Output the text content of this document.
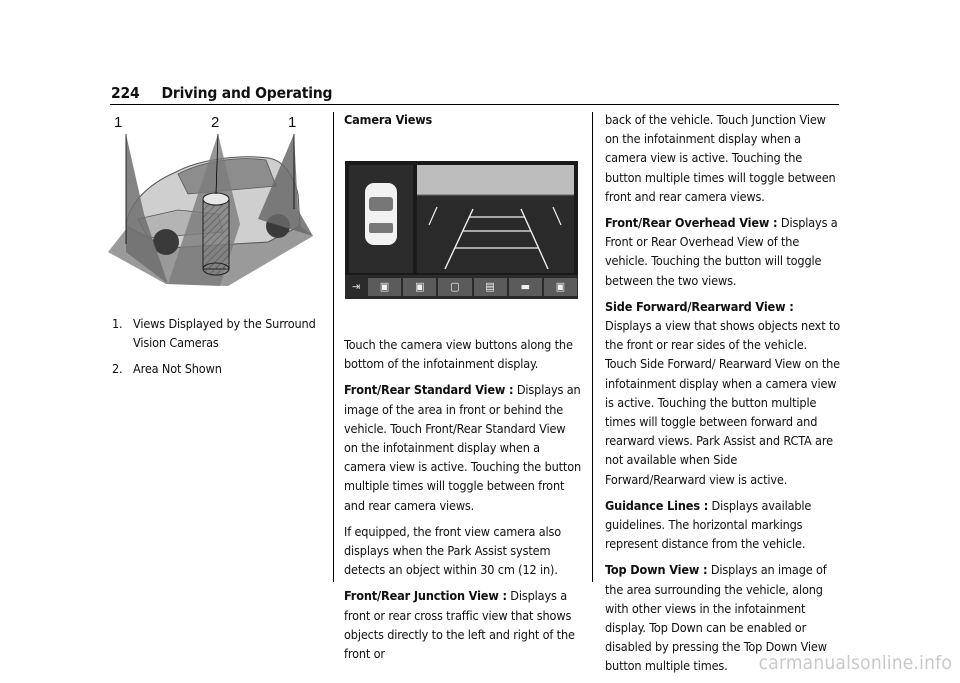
224 Driving and Operating
1	2	1
1. Views Displayed by the Surround Vision Cameras
2. Area Not Shown

Camera Views

⇥	▣	▣	▢	▤	▬	▣

Touch the camera view buttons along the bottom of the infotainment display.

Front/Rear Standard View : Displays an image of the area in front or behind the vehicle. Touch Front/Rear Standard View on the infotainment display when a camera view is active. Touching the button multiple times will toggle between front and rear camera views.

If equipped, the front view camera also displays when the Park Assist system detects an object within 30 cm (12 in).

Front/Rear Junction View : Displays a front or rear cross traffic view that shows objects directly to the left and right of the front or

back of the vehicle. Touch Junction View on the infotainment display when a camera view is active. Touching the button multiple times will toggle between front and rear camera views.

Front/Rear Overhead View : Displays a Front or Rear Overhead View of the vehicle. Touching the button will toggle between the two views.

Side Forward/Rearward View : Displays a view that shows objects next to the front or rear sides of the vehicle. Touch Side Forward/ Rearward View on the infotainment display when a camera view is active. Touching the button multiple times will toggle between forward and rearward views. Park Assist and RCTA are not available when Side Forward/Rearward view is active.

Guidance Lines : Displays available guidelines. The horizontal markings represent distance from the vehicle.

Top Down View : Displays an image of the area surrounding the vehicle, along with other views in the infotainment display. Top Down can be enabled or disabled by pressing the Top Down View button multiple times.	carmanualsonline.info
